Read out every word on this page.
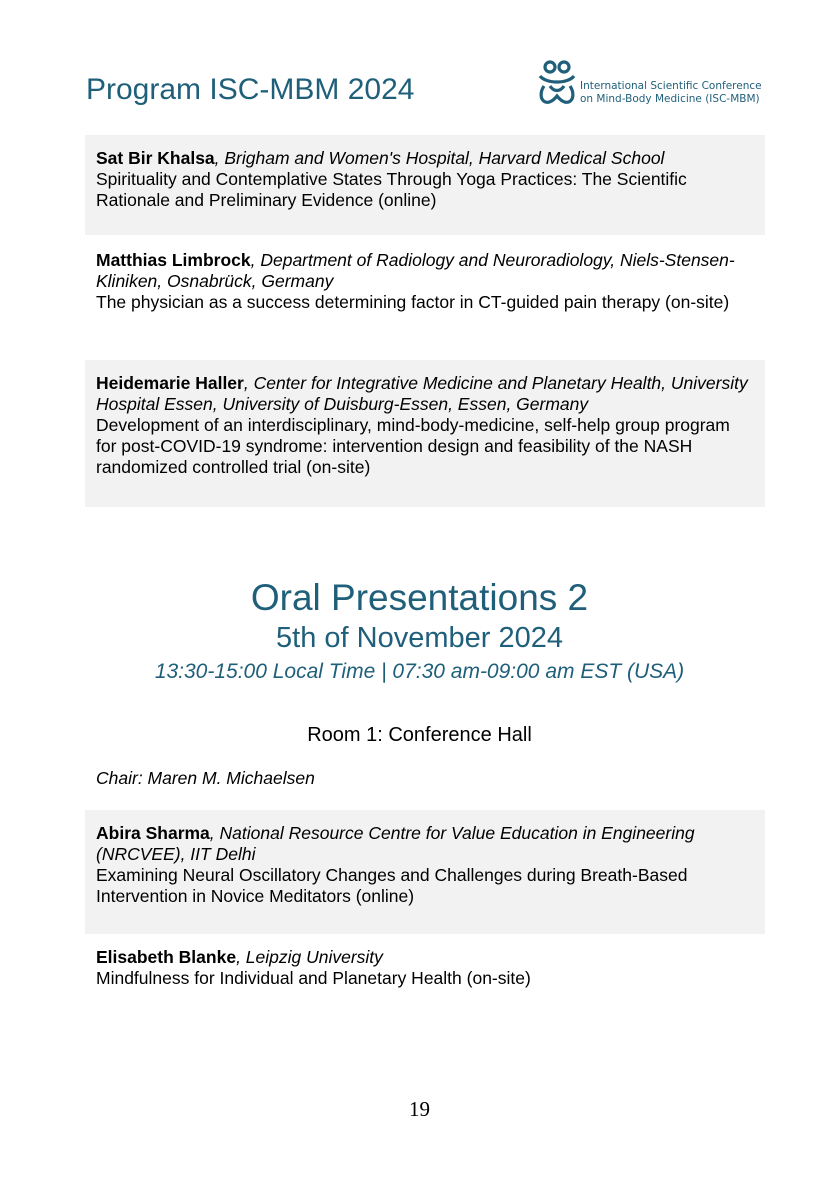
Program ISC-MBM 2024	International Scientific Conference
on Mind-Body Medicine (ISC-MBM)
Sat Bir Khalsa, Brigham and Women's Hospital, Harvard Medical School
Spirituality and Contemplative States Through Yoga Practices: The Scientific Rationale and Preliminary Evidence (online)
Matthias Limbrock, Department of Radiology and Neuroradiology, Niels-Stensen-Kliniken, Osnabrück, Germany
The physician as a success determining factor in CT-guided pain therapy (on-site)
Heidemarie Haller, Center for Integrative Medicine and Planetary Health, University Hospital Essen, University of Duisburg-Essen, Essen, Germany
Development of an interdisciplinary, mind-body-medicine, self-help group program for post-COVID-19 syndrome: intervention design and feasibility of the NASH randomized controlled trial (on-site)
Oral Presentations 2
5th of November 2024
13:30-15:00 Local Time | 07:30 am-09:00 am EST (USA)
Room 1: Conference Hall
Chair: Maren M. Michaelsen
Abira Sharma, National Resource Centre for Value Education in Engineering (NRCVEE), IIT Delhi
Examining Neural Oscillatory Changes and Challenges during Breath-Based Intervention in Novice Meditators (online)
Elisabeth Blanke, Leipzig University
Mindfulness for Individual and Planetary Health (on-site)
19
